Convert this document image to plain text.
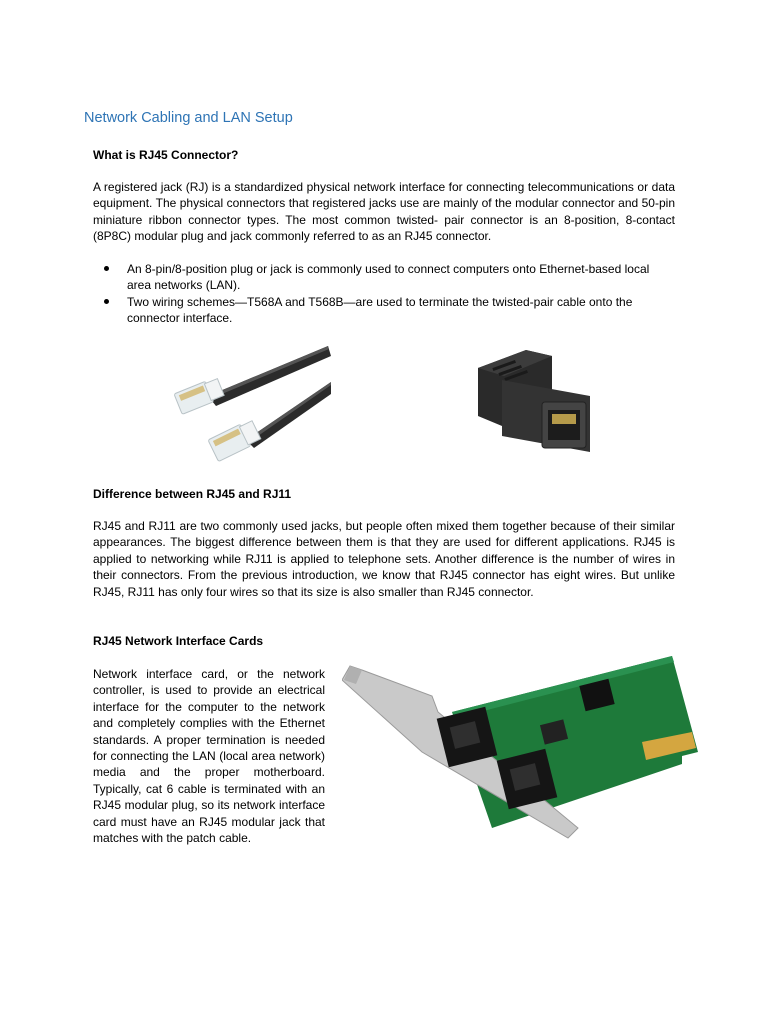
Network Cabling and LAN Setup
What is RJ45 Connector?

A registered jack (RJ) is a standardized physical network interface for connecting telecommunications or data equipment. The physical connectors that registered jacks use are mainly of the modular connector and 50-pin miniature ribbon connector types. The most common twisted- pair connector is an 8-position, 8-contact (8P8C) modular plug and jack commonly referred to as an RJ45 connector.

An 8-pin/8-position plug or jack is commonly used to connect computers onto Ethernet-based local area networks (LAN).
Two wiring schemes—T568A and T568B—are used to terminate the twisted-pair cable onto the connector interface.
Difference between RJ45 and RJ11

RJ45 and RJ11 are two commonly used jacks, but people often mixed them together because of their similar appearances. The biggest difference between them is that they are used for different applications. RJ45 is applied to networking while RJ11 is applied to telephone sets. Another difference is the number of wires in their connectors. From the previous introduction, we know that RJ45 connector has eight wires. But unlike RJ45, RJ11 has only four wires so that its size is also smaller than RJ45 connector.

RJ45 Network Interface Cards

Network interface card, or the network controller, is used to provide an electrical interface for the computer to the network and completely complies with the Ethernet standards. A proper termination is needed for connecting the LAN (local area network) media and the proper motherboard. Typically, cat 6 cable is terminated with an RJ45 modular plug, so its network interface card must have an RJ45 modular jack that matches with the patch cable.
